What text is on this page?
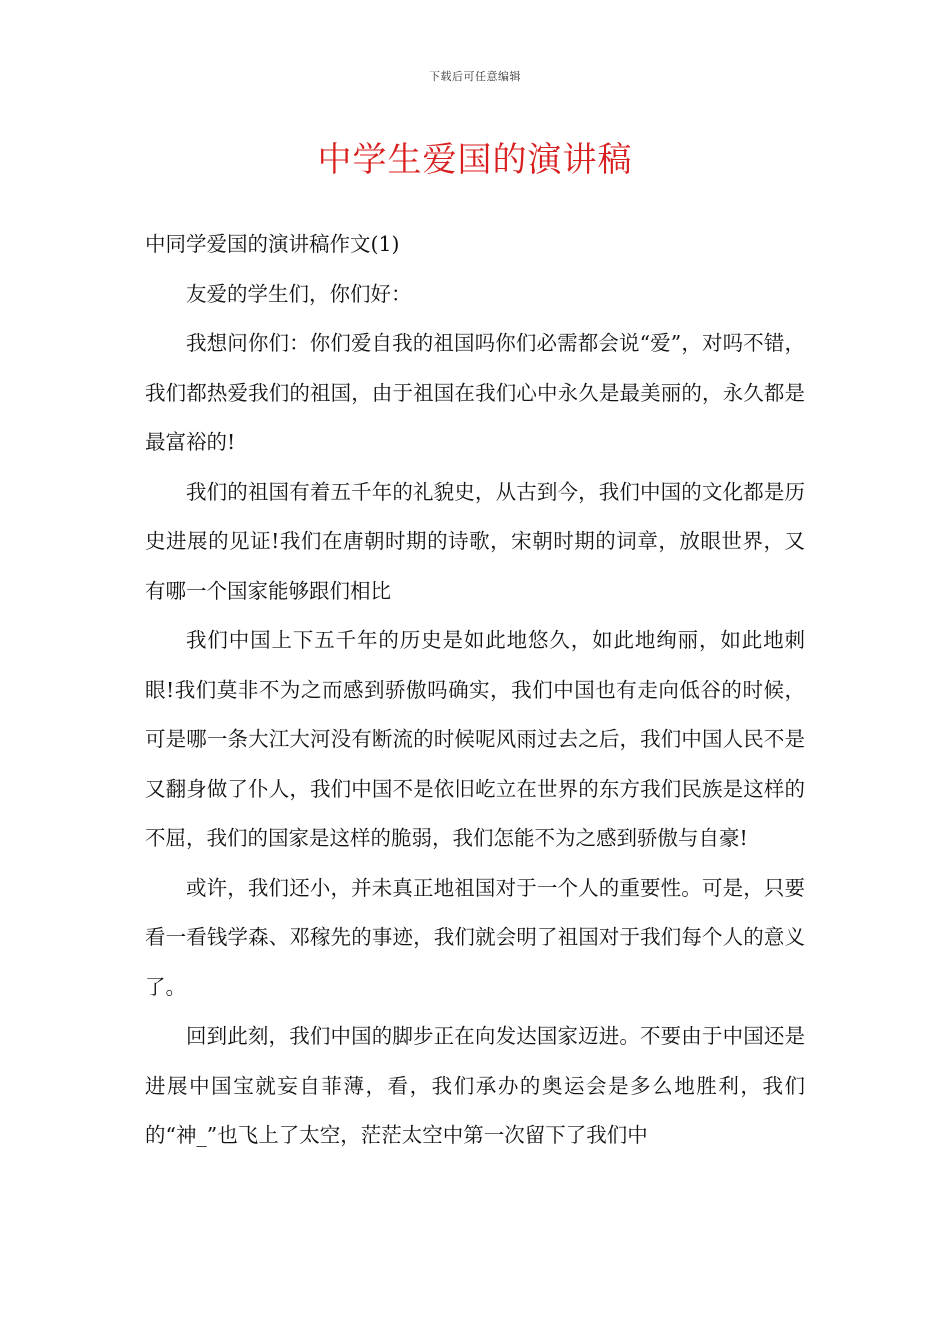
下载后可任意编辑
中学生爱国的演讲稿

中同学爱国的演讲稿作文(1)

友爱的学生们，你们好：

我想问你们：你们爱自我的祖国吗你们必需都会说“爱”，对吗不错，我们都热爱我们的祖国，由于祖国在我们心中永久是最美丽的，永久都是最富裕的!

我们的祖国有着五千年的礼貌史，从古到今，我们中国的文化都是历史进展的见证!我们在唐朝时期的诗歌，宋朝时期的词章，放眼世界，又有哪一个国家能够跟们相比

我们中国上下五千年的历史是如此地悠久，如此地绚丽，如此地刺眼!我们莫非不为之而感到骄傲吗确实，我们中国也有走向低谷的时候，可是哪一条大江大河没有断流的时候呢风雨过去之后，我们中国人民不是又翻身做了仆人，我们中国不是依旧屹立在世界的东方我们民族是这样的不屈，我们的国家是这样的脆弱，我们怎能不为之感到骄傲与自豪!

或许，我们还小，并未真正地祖国对于一个人的重要性。可是，只要看一看钱学森、邓稼先的事迹，我们就会明了祖国对于我们每个人的意义了。

回到此刻，我们中国的脚步正在向发达国家迈进。不要由于中国还是进展中国宝就妄自菲薄，看，我们承办的奥运会是多么地胜利，我们的“神_”也飞上了太空，茫茫太空中第一次留下了我们中
